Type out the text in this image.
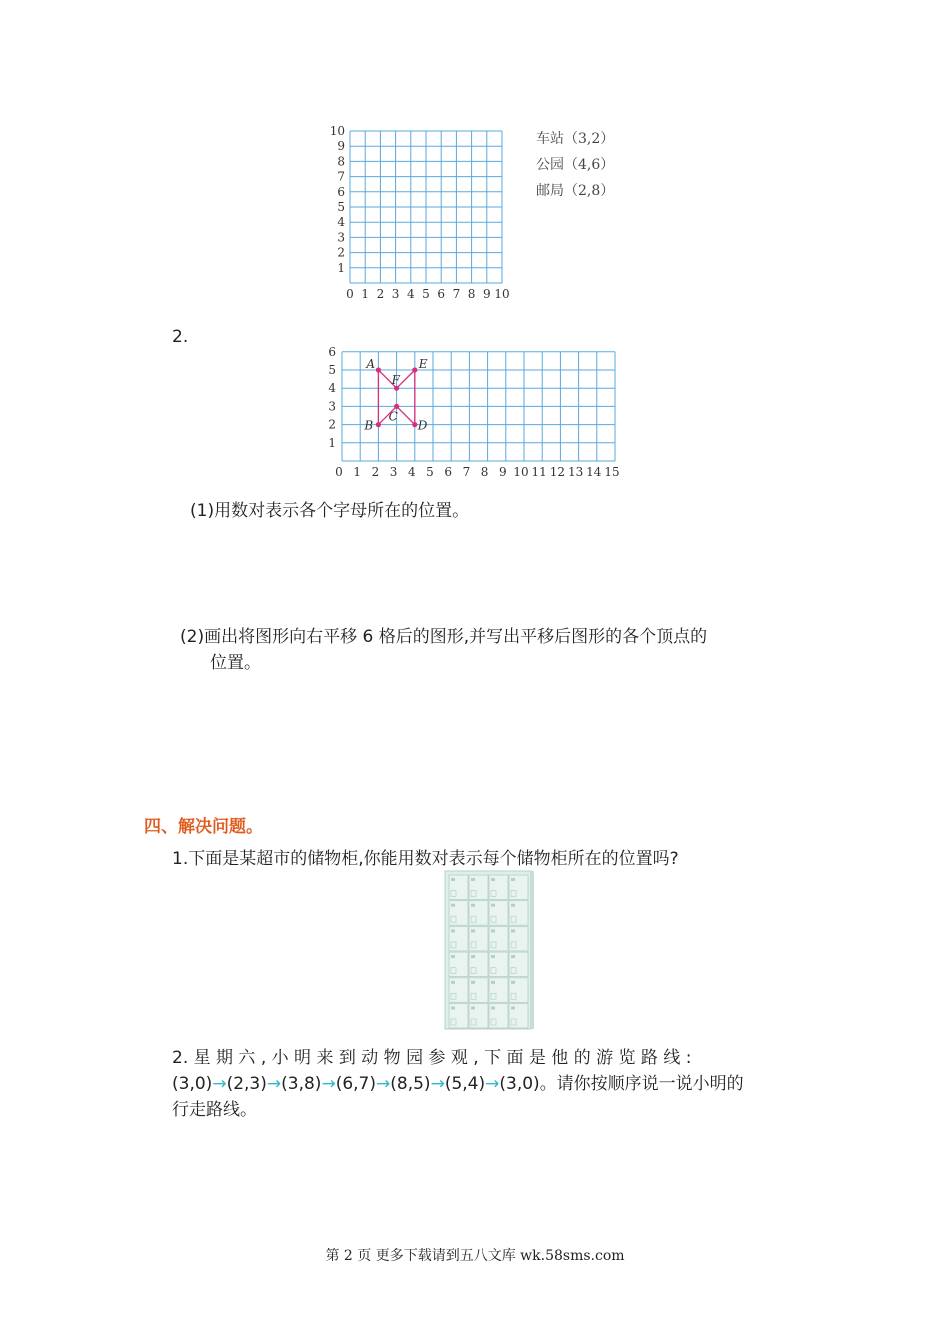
0 1 2 3 4 5 6 7 8 9 10
1
2
3
4
5
6
7
8
9
10	车站（3,2）
公园（4,6）
邮局（2,8）
2.
0 1 2 3 4 5 6 7 8 9 10 11 12 13 14 15
1
2
3
4
5
6
A	E
F
C
B	D
(1)用数对表示各个字母所在的位置。
(2)画出将图形向右平移 6 格后的图形,并写出平移后图形的各个顶点的
位置。
四、解决问题。
1.下面是某超市的储物柜,你能用数对表示每个储物柜所在的位置吗?
2. 星 期 六 , 小 明 来 到 动 物 园 参 观 , 下 面 是 他 的 游 览 路 线 :
(3,0)→(2,3)→(3,8)→(6,7)→(8,5)→(5,4)→(3,0)。请你按顺序说一说小明的
行走路线。
第 2 页 更多下载请到五八文库 wk.58sms.com
